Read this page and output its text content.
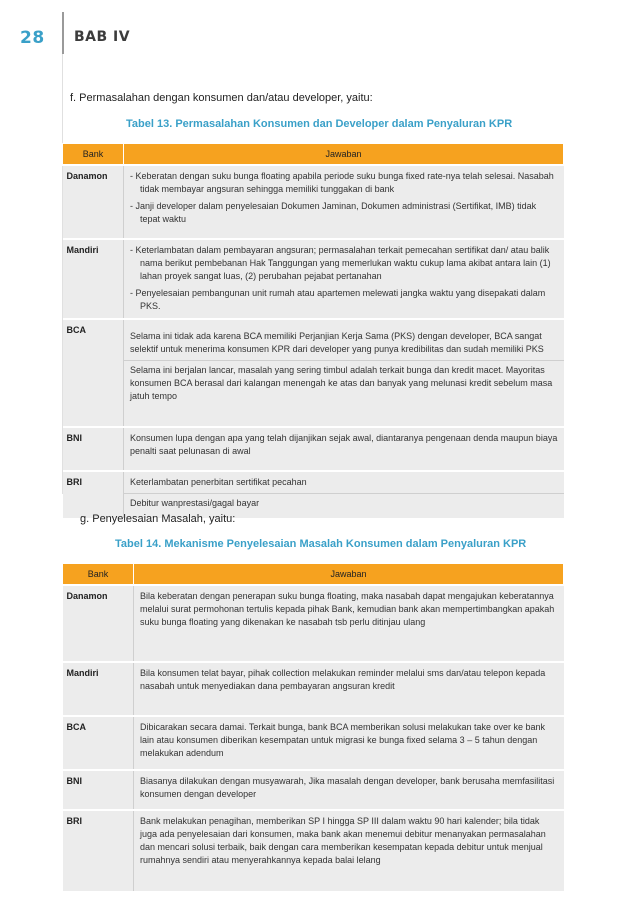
28	BAB IV
f. Permasalahan dengan konsumen dan/atau developer, yaitu:
Tabel 13. Permasalahan Konsumen dan Developer dalam Penyaluran KPR
Bank	Jawaban
Danamon	- Keberatan dengan suku bunga floating apabila periode suku bunga fixed rate-nya telah selesai. Nasabah tidak membayar angsuran sehingga memiliki tunggakan di bank
- Janji developer dalam penyelesaian Dokumen Jaminan, Dokumen administrasi (Sertifikat, IMB) tidak tepat waktu

Mandiri	- Keterlambatan dalam pembayaran angsuran; permasalahan terkait pemecahan sertifikat dan/ atau balik nama berikut pembebanan Hak Tanggungan yang memerlukan waktu cukup lama akibat antara lain (1) lahan proyek sangat luas, (2) perubahan pejabat pertanahan
- Penyelesaian pembangunan unit rumah atau apartemen melewati jangka waktu yang disepakati dalam PKS.

BCA	Selama ini tidak ada karena BCA memiliki Perjanjian Kerja Sama (PKS) dengan developer, BCA sangat selektif untuk menerima konsumen KPR dari developer yang punya kredibilitas dan sudah memiliki PKS
Selama ini berjalan lancar, masalah yang sering timbul adalah terkait bunga dan kredit macet. Mayoritas konsumen BCA berasal dari kalangan menengah ke atas dan banyak yang melunasi kredit sebelum masa jatuh tempo

BNI	Konsumen lupa dengan apa yang telah dijanjikan sejak awal, diantaranya pengenaan denda maupun biaya penalti saat pelunasan di awal

BRI	Keterlambatan penerbitan sertifikat pecahan
Debitur wanprestasi/gagal bayar
g. Penyelesaian Masalah, yaitu:
Tabel 14. Mekanisme Penyelesaian Masalah Konsumen dalam Penyaluran KPR
Bank	Jawaban
Danamon	Bila keberatan dengan penerapan suku bunga floating, maka nasabah dapat mengajukan keberatannya melalui surat permohonan tertulis kepada pihak Bank, kemudian bank akan mempertimbangkan apakah suku bunga floating yang dikenakan ke nasabah tsb perlu ditinjau ulang

Mandiri	Bila konsumen telat bayar, pihak collection melakukan reminder melalui sms dan/atau telepon kepada nasabah untuk menyediakan dana pembayaran angsuran kredit

BCA	Dibicarakan secara damai. Terkait bunga, bank BCA memberikan solusi melakukan take over ke bank lain atau konsumen diberikan kesempatan untuk migrasi ke bunga fixed selama 3 – 5 tahun dengan melakukan adendum

BNI	Biasanya dilakukan dengan musyawarah, Jika masalah dengan developer, bank berusaha memfasilitasi konsumen dengan developer

BRI	Bank melakukan penagihan, memberikan SP I hingga SP III dalam waktu 90 hari kalender; bila tidak juga ada penyelesaian dari konsumen, maka bank akan menemui debitur menanyakan permasalahan dan mencari solusi terbaik, baik dengan cara memberikan kesempatan kepada debitur untuk menjual rumahnya sendiri atau menyerahkannya kepada balai lelang
